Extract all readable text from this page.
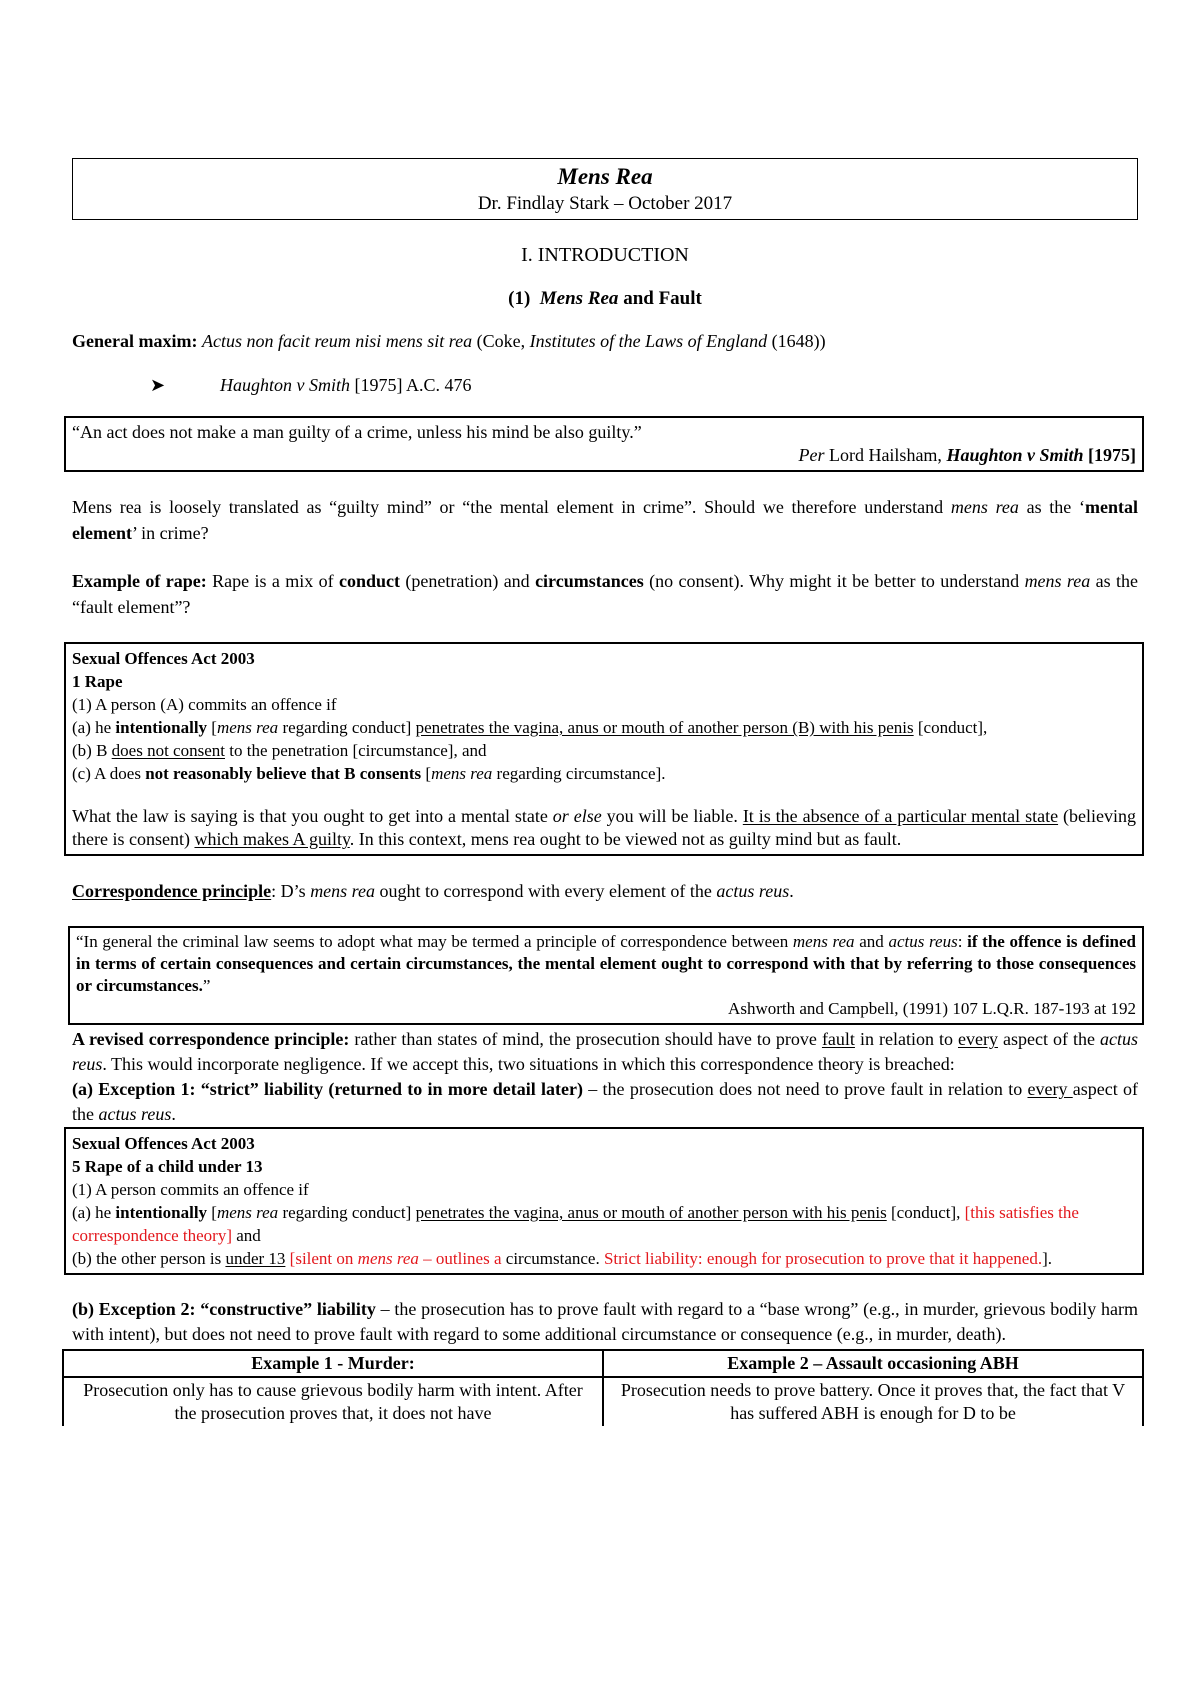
Mens Rea
Dr. Findlay Stark – October 2017
I. INTRODUCTION
(1) Mens Rea and Fault

General maxim: Actus non facit reum nisi mens sit rea (Coke, Institutes of the Laws of England (1648))

➤	Haughton v Smith [1975] A.C. 476

“An act does not make a man guilty of a crime, unless his mind be also guilty.”

Per Lord Hailsham, Haughton v Smith [1975]

Mens rea is loosely translated as “guilty mind” or “the mental element in crime”. Should we therefore understand mens rea as the ‘mental element’ in crime?

Example of rape: Rape is a mix of conduct (penetration) and circumstances (no consent). Why might it be better to understand mens rea as the “fault element”?

Sexual Offences Act 2003

1 Rape

(1) A person (A) commits an offence if

(a) he intentionally [mens rea regarding conduct] penetrates the vagina, anus or mouth of another person (B) with his penis [conduct],

(b) B does not consent to the penetration [circumstance], and

(c) A does not reasonably believe that B consents [mens rea regarding circumstance].

What the law is saying is that you ought to get into a mental state or else you will be liable. It is the absence of a particular mental state (believing there is consent) which makes A guilty. In this context, mens rea ought to be viewed not as guilty mind but as fault.

Correspondence principle: D’s mens rea ought to correspond with every element of the actus reus.

“In general the criminal law seems to adopt what may be termed a principle of correspondence between mens rea and actus reus: if the offence is defined in terms of certain consequences and certain circumstances, the mental element ought to correspond with that by referring to those consequences or circumstances.”

Ashworth and Campbell, (1991) 107 L.Q.R. 187-193 at 192

A revised correspondence principle: rather than states of mind, the prosecution should have to prove fault in relation to every aspect of the actus reus. This would incorporate negligence. If we accept this, two situations in which this correspondence theory is breached:

(a) Exception 1: “strict” liability (returned to in more detail later) – the prosecution does not need to prove fault in relation to every aspect of the actus reus.

Sexual Offences Act 2003

5 Rape of a child under 13

(1) A person commits an offence if

(a) he intentionally [mens rea regarding conduct] penetrates the vagina, anus or mouth of another person with his penis [conduct], [this satisfies the correspondence theory] and

(b) the other person is under 13 [silent on mens rea – outlines a circumstance. Strict liability: enough for prosecution to prove that it happened.].

(b) Exception 2: “constructive” liability – the prosecution has to prove fault with regard to a “base wrong” (e.g., in murder, grievous bodily harm with intent), but does not need to prove fault with regard to some additional circumstance or consequence (e.g., in murder, death).

Example 1 - Murder:	Example 2 – Assault occasioning ABH
Prosecution only has to cause grievous bodily harm with intent. After the prosecution proves that, it does not have	Prosecution needs to prove battery. Once it proves that, the fact that V has suffered ABH is enough for D to be
